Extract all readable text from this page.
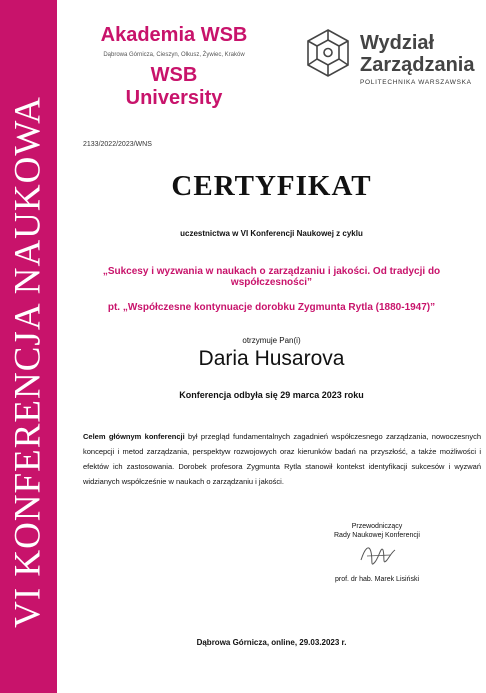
VI KONFERENCJA NAUKOWA
Akademia WSB
Dąbrowa Górnicza, Cieszyn, Olkusz, Żywiec, Kraków
WSB University
Wydział
Zarządzania
POLITECHNIKA WARSZAWSKA
2133/2022/2023/WNS
CERTYFIKAT
uczestnictwa w VI Konferencji Naukowej z cyklu
„Sukcesy i wyzwania w naukach o zarządzaniu i jakości. Od tradycji do
współczesności”
pt. „Współczesne kontynuacje dorobku Zygmunta Rytla (1880-1947)”
otrzymuje Pan(i)
Daria Husarova
Konferencja odbyła się 29 marca 2023 roku
Celem głównym konferencji był przegląd fundamentalnych zagadnień współczesnego zarządzania, nowoczesnych koncepcji i metod zarządzania, perspektyw rozwojowych oraz kierunków badań na przyszłość, a także możliwości i efektów ich zastosowania. Dorobek profesora Zygmunta Rytla stanowił kontekst identyfikacji sukcesów i wyzwań widzianych współcześnie w naukach o zarządzaniu i jakości.
Przewodniczący
Rady Naukowej Konferencji
prof. dr hab. Marek Lisiński
Dąbrowa Górnicza, online, 29.03.2023 r.
